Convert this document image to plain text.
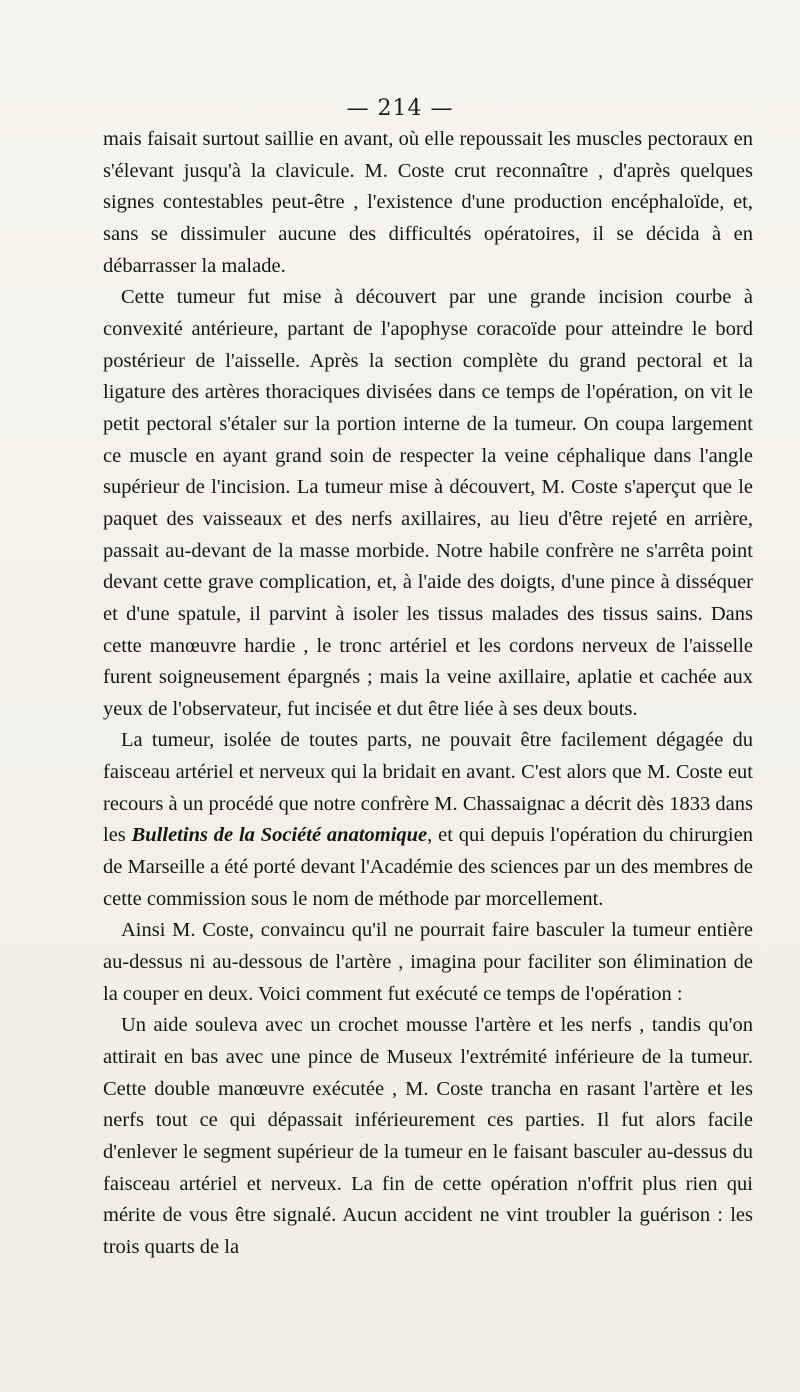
— 214 —

mais faisait surtout saillie en avant, où elle repoussait les muscles pectoraux en s'élevant jusqu'à la clavicule. M. Coste crut reconnaître , d'après quelques signes contestables peut-être , l'existence d'une production encéphaloïde, et, sans se dissimuler aucune des difficultés opératoires, il se décida à en débarrasser la malade.

Cette tumeur fut mise à découvert par une grande incision courbe à convexité antérieure, partant de l'apophyse coracoïde pour atteindre le bord postérieur de l'aisselle. Après la section complète du grand pectoral et la ligature des artères thoraciques divisées dans ce temps de l'opération, on vit le petit pectoral s'étaler sur la portion interne de la tumeur. On coupa largement ce muscle en ayant grand soin de respecter la veine céphalique dans l'angle supérieur de l'incision. La tumeur mise à découvert, M. Coste s'aperçut que le paquet des vaisseaux et des nerfs axillaires, au lieu d'être rejeté en arrière, passait au-devant de la masse morbide. Notre habile confrère ne s'arrêta point devant cette grave complication, et, à l'aide des doigts, d'une pince à disséquer et d'une spatule, il parvint à isoler les tissus malades des tissus sains. Dans cette manœuvre hardie , le tronc artériel et les cordons nerveux de l'aisselle furent soigneusement épargnés ; mais la veine axillaire, aplatie et cachée aux yeux de l'observateur, fut incisée et dut être liée à ses deux bouts.

La tumeur, isolée de toutes parts, ne pouvait être facilement dégagée du faisceau artériel et nerveux qui la bridait en avant. C'est alors que M. Coste eut recours à un procédé que notre confrère M. Chassaignac a décrit dès 1833 dans les Bulletins de la Société anatomique, et qui depuis l'opération du chirurgien de Marseille a été porté devant l'Académie des sciences par un des membres de cette commission sous le nom de méthode par morcellement.

Ainsi M. Coste, convaincu qu'il ne pourrait faire basculer la tumeur entière au-dessus ni au-dessous de l'artère , imagina pour faciliter son élimination de la couper en deux. Voici comment fut exécuté ce temps de l'opération :

Un aide souleva avec un crochet mousse l'artère et les nerfs , tandis qu'on attirait en bas avec une pince de Museux l'extrémité inférieure de la tumeur. Cette double manœuvre exécutée , M. Coste trancha en rasant l'artère et les nerfs tout ce qui dépassait inférieurement ces parties. Il fut alors facile d'enlever le segment supérieur de la tumeur en le faisant basculer au-dessus du faisceau artériel et nerveux. La fin de cette opération n'offrit plus rien qui mérite de vous être signalé. Aucun accident ne vint troubler la guérison : les trois quarts de la
